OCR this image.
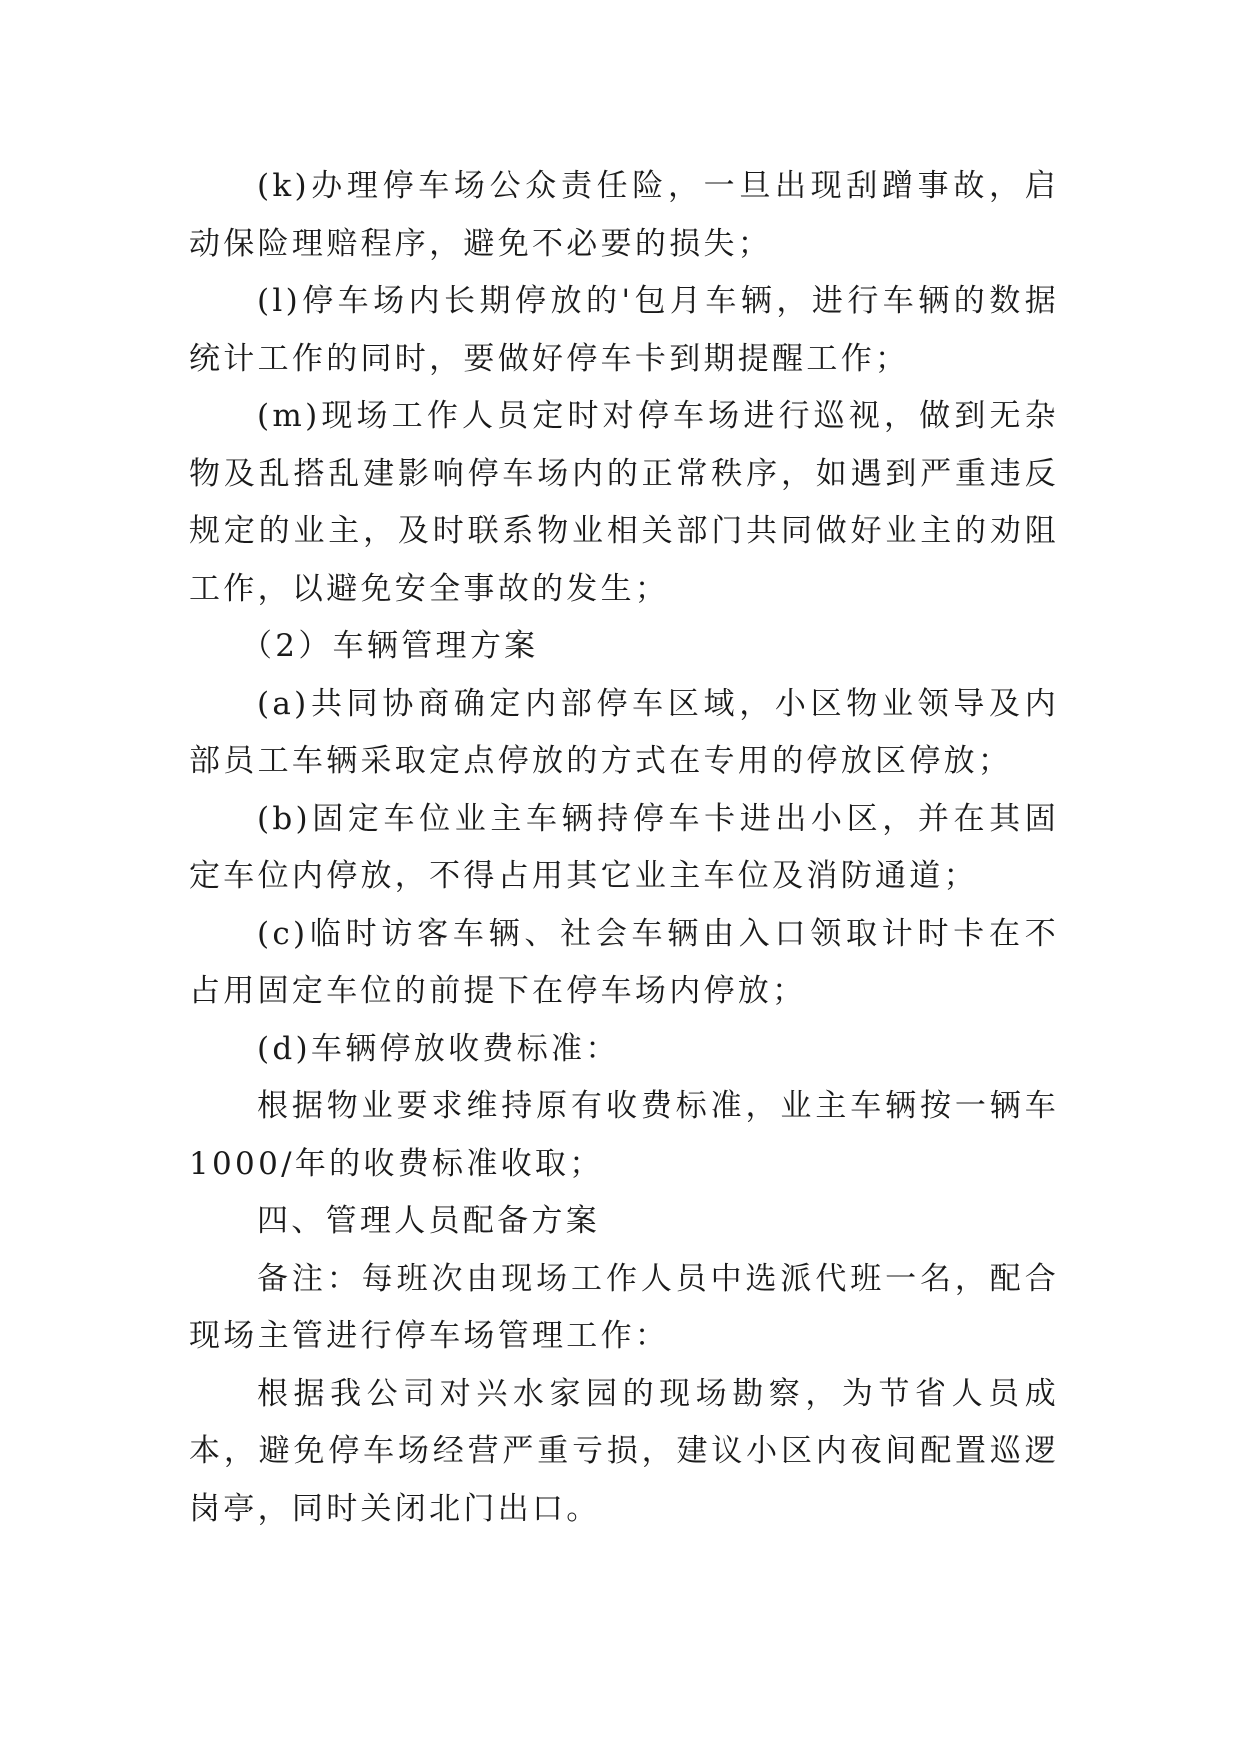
(k)办理停车场公众责任险，一旦出现刮蹭事故，启动保险理赔程序，避免不必要的损失；

(l)停车场内长期停放的'包月车辆，进行车辆的数据统计工作的同时，要做好停车卡到期提醒工作；

(m)现场工作人员定时对停车场进行巡视，做到无杂物及乱搭乱建影响停车场内的正常秩序，如遇到严重违反规定的业主，及时联系物业相关部门共同做好业主的劝阻工作，以避免安全事故的发生；

（2）车辆管理方案

(a)共同协商确定内部停车区域，小区物业领导及内部员工车辆采取定点停放的方式在专用的停放区停放；

(b)固定车位业主车辆持停车卡进出小区，并在其固定车位内停放，不得占用其它业主车位及消防通道；

(c)临时访客车辆、社会车辆由入口领取计时卡在不占用固定车位的前提下在停车场内停放；

(d)车辆停放收费标准：

根据物业要求维持原有收费标准，业主车辆按一辆车1000/年的收费标准收取；

四、管理人员配备方案

备注：每班次由现场工作人员中选派代班一名，配合现场主管进行停车场管理工作：

根据我公司对兴水家园的现场勘察，为节省人员成本，避免停车场经营严重亏损，建议小区内夜间配置巡逻岗亭，同时关闭北门出口。
